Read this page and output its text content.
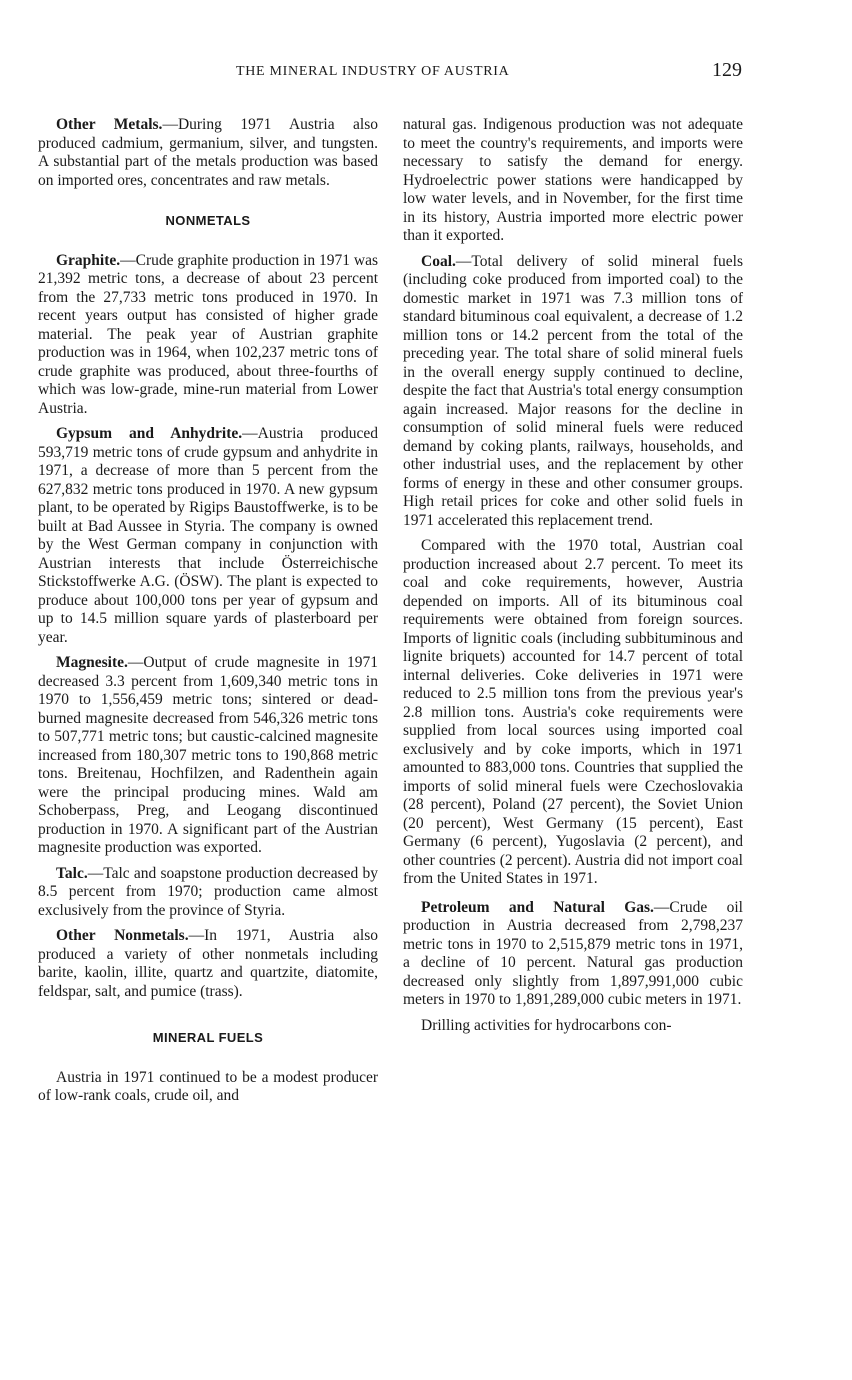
THE MINERAL INDUSTRY OF AUSTRIA	129

Other Metals.—During 1971 Austria also produced cadmium, germanium, silver, and tungsten. A substantial part of the metals production was based on imported ores, concentrates and raw metals.

NONMETALS

Graphite.—Crude graphite production in 1971 was 21,392 metric tons, a decrease of about 23 percent from the 27,733 metric tons produced in 1970. In recent years output has consisted of higher grade material. The peak year of Austrian graphite production was in 1964, when 102,237 metric tons of crude graphite was produced, about three-fourths of which was low-grade, mine-run material from Lower Austria.

Gypsum and Anhydrite.—Austria produced 593,719 metric tons of crude gypsum and anhydrite in 1971, a decrease of more than 5 percent from the 627,832 metric tons produced in 1970. A new gypsum plant, to be operated by Rigips Baustoffwerke, is to be built at Bad Aussee in Styria. The company is owned by the West German company in conjunction with Austrian interests that include Österreichische Stickstoffwerke A.G. (ÖSW). The plant is expected to produce about 100,000 tons per year of gypsum and up to 14.5 million square yards of plasterboard per year.

Magnesite.—Output of crude magnesite in 1971 decreased 3.3 percent from 1,609,340 metric tons in 1970 to 1,556,459 metric tons; sintered or dead-burned magnesite decreased from 546,326 metric tons to 507,771 metric tons; but caustic-calcined magnesite increased from 180,307 metric tons to 190,868 metric tons. Breitenau, Hochfilzen, and Radenthein again were the principal producing mines. Wald am Schoberpass, Preg, and Leogang discontinued production in 1970. A significant part of the Austrian magnesite production was exported.

Talc.—Talc and soapstone production decreased by 8.5 percent from 1970; production came almost exclusively from the province of Styria.

Other Nonmetals.—In 1971, Austria also produced a variety of other nonmetals including barite, kaolin, illite, quartz and quartzite, diatomite, feldspar, salt, and pumice (trass).

MINERAL FUELS

Austria in 1971 continued to be a modest producer of low-rank coals, crude oil, and

natural gas. Indigenous production was not adequate to meet the country's requirements, and imports were necessary to satisfy the demand for energy. Hydroelectric power stations were handicapped by low water levels, and in November, for the first time in its history, Austria imported more electric power than it exported.

Coal.—Total delivery of solid mineral fuels (including coke produced from imported coal) to the domestic market in 1971 was 7.3 million tons of standard bituminous coal equivalent, a decrease of 1.2 million tons or 14.2 percent from the total of the preceding year. The total share of solid mineral fuels in the overall energy supply continued to decline, despite the fact that Austria's total energy consumption again increased. Major reasons for the decline in consumption of solid mineral fuels were reduced demand by coking plants, railways, households, and other industrial uses, and the replacement by other forms of energy in these and other consumer groups. High retail prices for coke and other solid fuels in 1971 accelerated this replacement trend.

Compared with the 1970 total, Austrian coal production increased about 2.7 percent. To meet its coal and coke requirements, however, Austria depended on imports. All of its bituminous coal requirements were obtained from foreign sources. Imports of lignitic coals (including subbituminous and lignite briquets) accounted for 14.7 percent of total internal deliveries. Coke deliveries in 1971 were reduced to 2.5 million tons from the previous year's 2.8 million tons. Austria's coke requirements were supplied from local sources using imported coal exclusively and by coke imports, which in 1971 amounted to 883,000 tons. Countries that supplied the imports of solid mineral fuels were Czechoslovakia (28 percent), Poland (27 percent), the Soviet Union (20 percent), West Germany (15 percent), East Germany (6 percent), Yugoslavia (2 percent), and other countries (2 percent). Austria did not import coal from the United States in 1971.

Petroleum and Natural Gas.—Crude oil production in Austria decreased from 2,798,237 metric tons in 1970 to 2,515,879 metric tons in 1971, a decline of 10 percent. Natural gas production decreased only slightly from 1,897,991,000 cubic meters in 1970 to 1,891,289,000 cubic meters in 1971.

Drilling activities for hydrocarbons con-
